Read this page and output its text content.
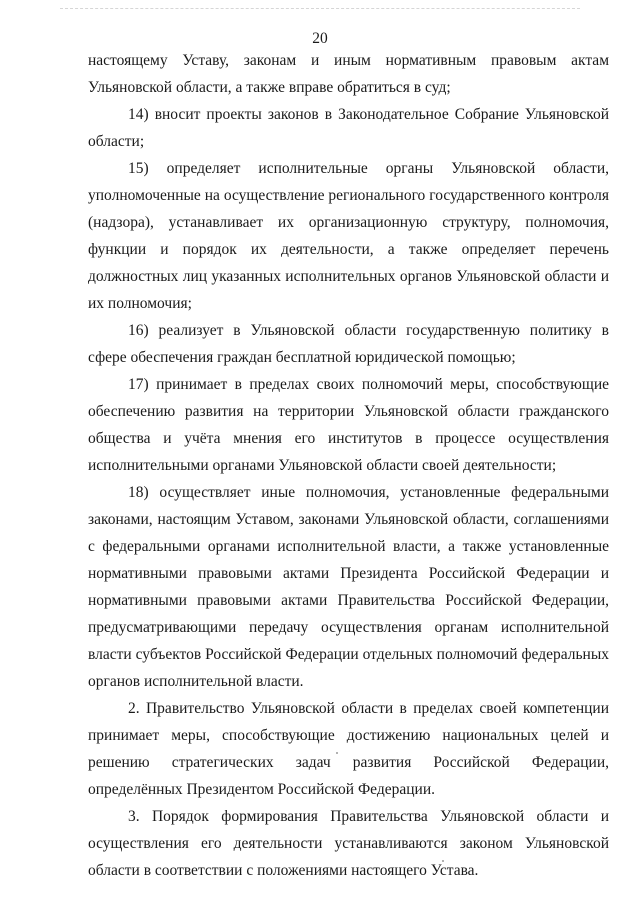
20

настоящему Уставу, законам и иным нормативным правовым актам Ульяновской области, а также вправе обратиться в суд;

14) вносит проекты законов в Законодательное Собрание Ульяновской области;

15) определяет исполнительные органы Ульяновской области, уполномоченные на осуществление регионального государственного контроля (надзора), устанавливает их организационную структуру, полномочия, функции и порядок их деятельности, а также определяет перечень должностных лиц указанных исполнительных органов Ульяновской области и их полномочия;

16) реализует в Ульяновской области государственную политику в сфере обеспечения граждан бесплатной юридической помощью;

17) принимает в пределах своих полномочий меры, способствующие обеспечению развития на территории Ульяновской области гражданского общества и учёта мнения его институтов в процессе осуществления исполнительными органами Ульяновской области своей деятельности;

18) осуществляет иные полномочия, установленные федеральными законами, настоящим Уставом, законами Ульяновской области, соглашениями с федеральными органами исполнительной власти, а также установленные нормативными правовыми актами Президента Российской Федерации и нормативными правовыми актами Правительства Российской Федерации, предусматривающими передачу осуществления органам исполнительной власти субъектов Российской Федерации отдельных полномочий федеральных органов исполнительной власти.

2. Правительство Ульяновской области в пределах своей компетенции принимает меры, способствующие достижению национальных целей и решению стратегических задач развития Российской Федерации, определённых Президентом Российской Федерации.

3. Порядок формирования Правительства Ульяновской области и осуществления его деятельности устанавливаются законом Ульяновской области в соответствии с положениями настоящего Устава.
